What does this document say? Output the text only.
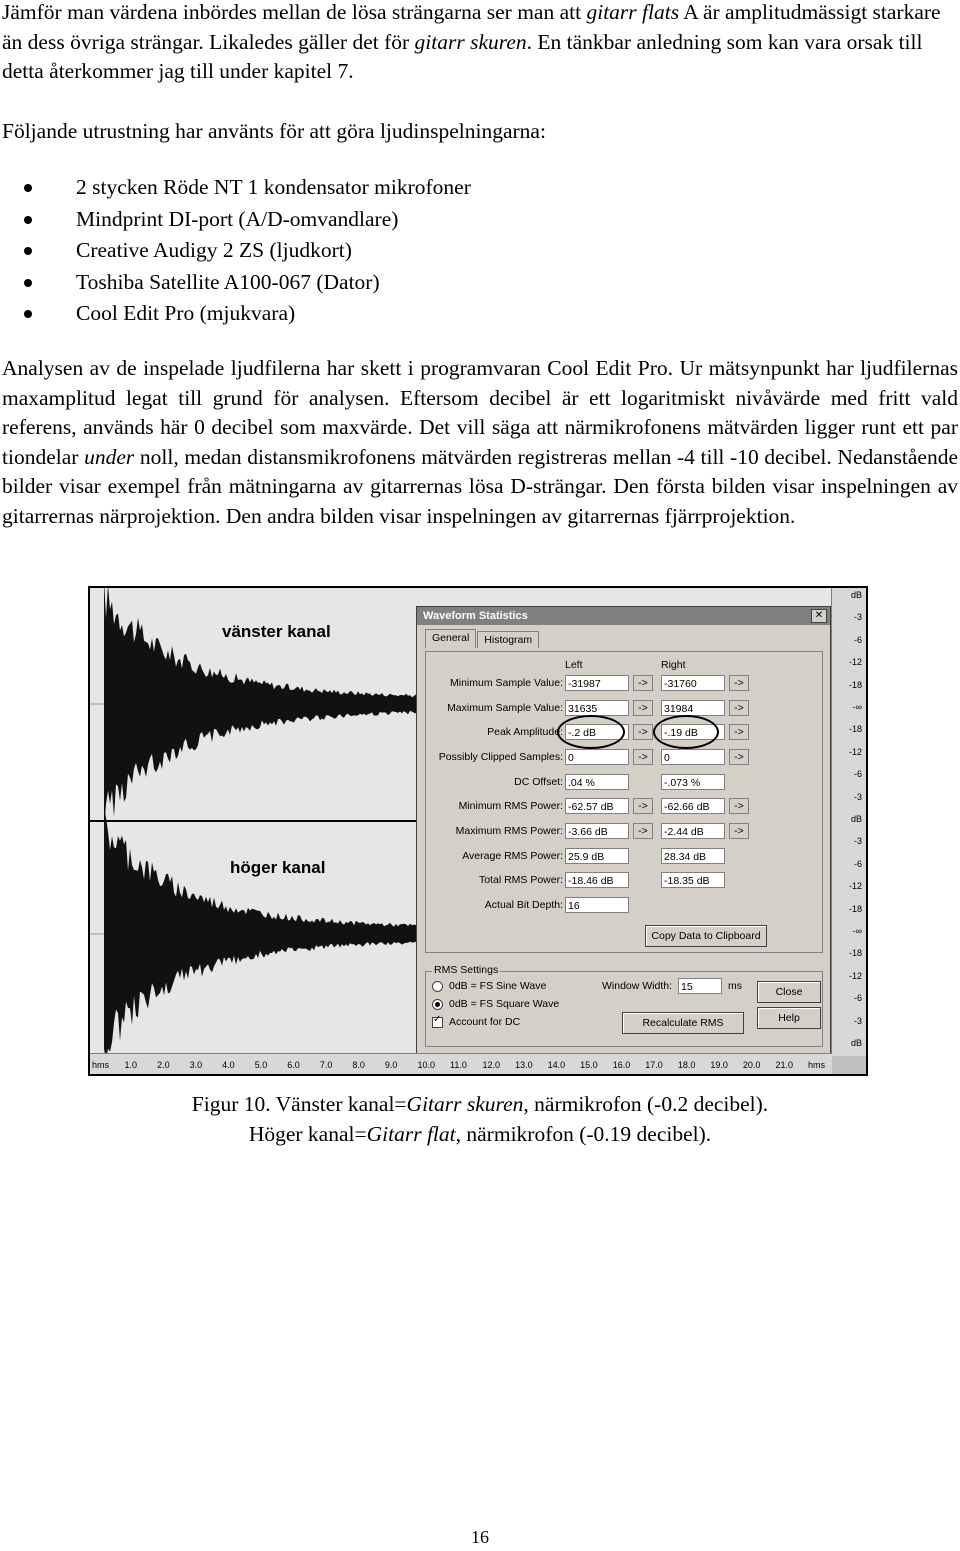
Jämför man värdena inbördes mellan de lösa strängarna ser man att gitarr flats A är amplitudmässigt starkare än dess övriga strängar. Likaledes gäller det för gitarr skuren. En tänkbar anledning som kan vara orsak till detta återkommer jag till under kapitel 7.

Följande utrustning har använts för att göra ljudinspelningarna:

2 stycken Röde NT 1 kondensator mikrofoner
Mindprint DI-port (A/D-omvandlare)
Creative Audigy 2 ZS (ljudkort)
Toshiba Satellite A100-067 (Dator)
Cool Edit Pro (mjukvara)

Analysen av de inspelade ljudfilerna har skett i programvaran Cool Edit Pro. Ur mätsynpunkt har ljudfilernas maxamplitud legat till grund för analysen. Eftersom decibel är ett logaritmiskt nivåvärde med fritt vald referens, används här 0 decibel som maxvärde. Det vill säga att närmikrofonens mätvärden ligger runt ett par tiondelar under noll, medan distansmikrofonens mätvärden registreras mellan -4 till -10 decibel. Nedanstående bilder visar exempel från mätningarna av gitarrernas lösa D-strängar. Den första bilden visar inspelningen av gitarrernas närprojektion. Den andra bilden visar inspelningen av gitarrernas fjärrprojektion.

vänster kanal
höger kanal
Waveform Statistics	✕
General Histogram
Left	Right
Minimum Sample Value: -31987	->	-31760	->
Maximum Sample Value: 31635	->	31984	->
Peak Amplitude: -.2 dB	->	-.19 dB	->
Possibly Clipped Samples: 0	->	0	->
DC Offset: .04 %	-.073 %
Minimum RMS Power: -62.57 dB	->	-62.66 dB	->
Maximum RMS Power: -3.66 dB	->	-2.44 dB	->
Average RMS Power: 25.9 dB	28.34 dB
Total RMS Power: -18.46 dB	-18.35 dB
Actual Bit Depth: 16
Copy Data to Clipboard
RMS Settings
0dB = FS Sine Wave
0dB = FS Square Wave
✓Account for DC
Window Width: 15	ms
Recalculate RMS
Close
Help
dB
-3
-6
-12
-18
-∞
-18
-12
-6
-3
dB
-3
-6
-12
-18
-∞
-18
-12
-6
-3
dB
hms 1.0 2.0 3.0 4.0 5.0 6.0 7.0 8.0 9.0 10.0 11.0 12.0 13.0 14.0 15.0 16.0 17.0 18.0 19.0 20.0 21.0 hms
Figur 10. Vänster kanal=Gitarr skuren, närmikrofon (-0.2 decibel).
Höger kanal=Gitarr flat, närmikrofon (-0.19 decibel).
16
